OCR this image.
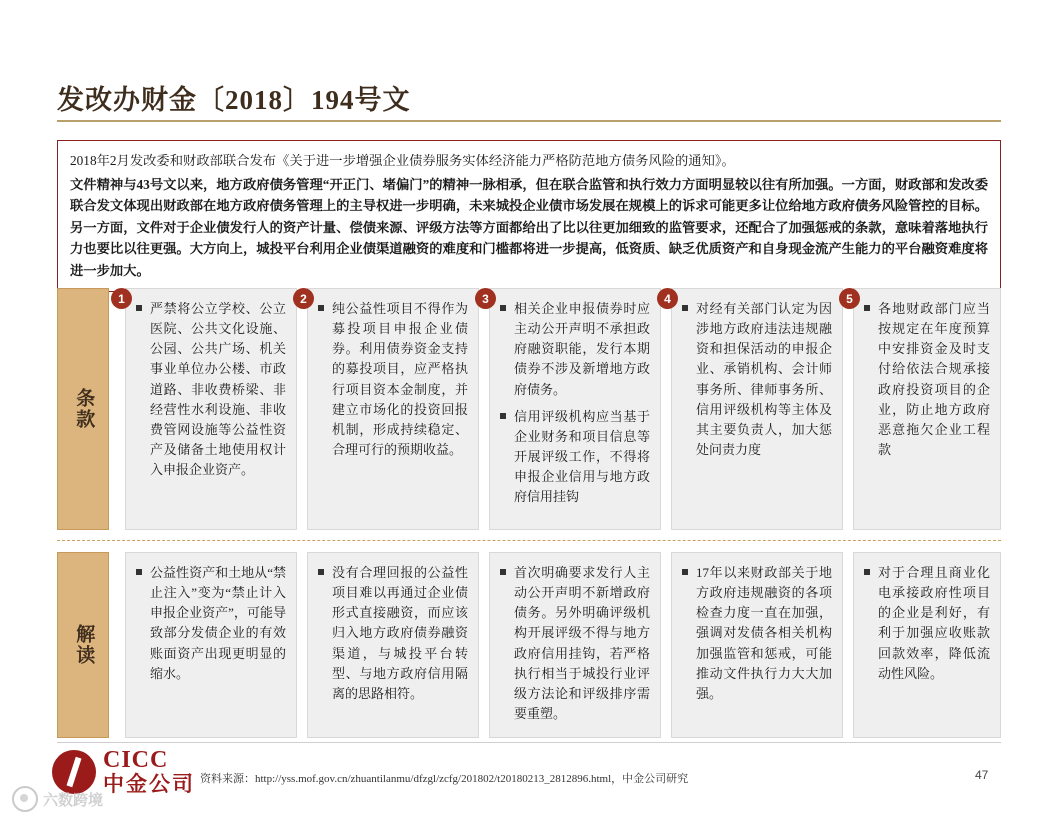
发改办财金〔2018〕194号文

2018年2月发改委和财政部联合发布《关于进一步增强企业债券服务实体经济能力严格防范地方债务风险的通知》。

文件精神与43号文以来，地方政府债务管理“开正门、堵偏门”的精神一脉相承，但在联合监管和执行效力方面明显较以往有所加强。一方面，财政部和发改委联合发文体现出财政部在地方政府债务管理上的主导权进一步明确，未来城投企业债市场发展在规模上的诉求可能更多让位给地方政府债务风险管控的目标。另一方面，文件对于企业债发行人的资产计量、偿债来源、评级方法等方面都给出了比以往更加细致的监管要求，还配合了加强惩戒的条款，意味着落地执行力也要比以往更强。大方向上，城投平台利用企业债渠道融资的难度和门槛都将进一步提高，低资质、缺乏优质资产和自身现金流产生能力的平台融资难度将进一步加大。

条款
1
严禁将公立学校、公立医院、公共文化设施、公园、公共广场、机关事业单位办公楼、市政道路、非收费桥梁、非经营性水利设施、非收费管网设施等公益性资产及储备土地使用权计入申报企业资产。
2
纯公益性项目不得作为募投项目申报企业债券。利用债券资金支持的募投项目，应严格执行项目资本金制度，并建立市场化的投资回报机制，形成持续稳定、合理可行的预期收益。
3
相关企业申报债券时应主动公开声明不承担政府融资职能，发行本期债券不涉及新增地方政府债务。
信用评级机构应当基于企业财务和项目信息等开展评级工作，不得将申报企业信用与地方政府信用挂钩
4
对经有关部门认定为因涉地方政府违法违规融资和担保活动的申报企业、承销机构、会计师事务所、律师事务所、信用评级机构等主体及其主要负责人，加大惩处问责力度
5
各地财政部门应当按规定在年度预算中安排资金及时支付给依法合规承接政府投资项目的企业，防止地方政府恶意拖欠企业工程款
解读
公益性资产和土地从“禁止注入”变为“禁止计入申报企业资产”，可能导致部分发债企业的有效账面资产出现更明显的缩水。
没有合理回报的公益性项目难以再通过企业债形式直接融资，而应该归入地方政府债券融资渠道，与城投平台转型、与地方政府信用隔离的思路相符。
首次明确要求发行人主动公开声明不新增政府债务。另外明确评级机构开展评级不得与地方政府信用挂钩，若严格执行相当于城投行业评级方法论和评级排序需要重塑。
17年以来财政部关于地方政府违规融资的各项检查力度一直在加强，强调对发债各相关机构加强监管和惩戒，可能推动文件执行力大大加强。
对于合理且商业化电承接政府性项目的企业是利好，有利于加强应收账款回款效率，降低流动性风险。
CICC
中金公司 资料来源：http://yss.mof.gov.cn/zhuantilanmu/dfzgl/zcfg/201802/t20180213_2812896.html，中金公司研究	47
六数跨境
